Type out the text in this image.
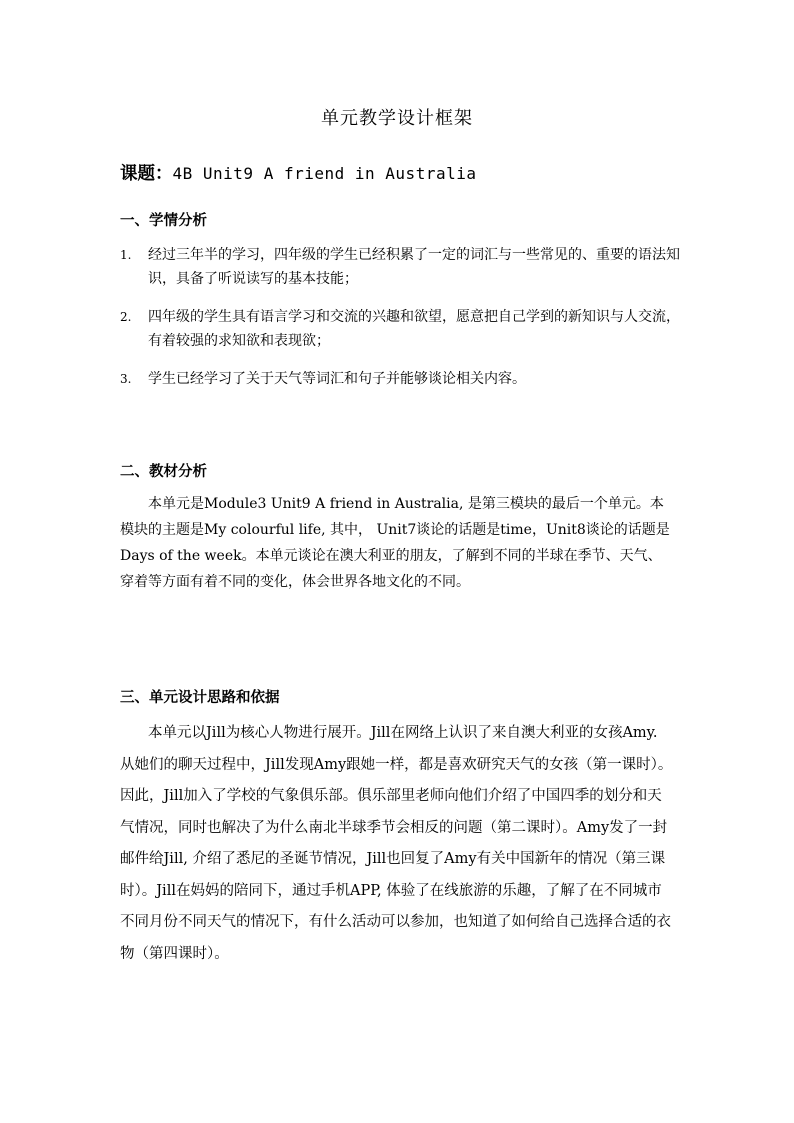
单元教学设计框架
课题：4B Unit9 A friend in Australia
一、学情分析
1.	经过三年半的学习，四年级的学生已经积累了一定的词汇与一些常见的、重要的语法知识，具备了听说读写的基本技能；
2.	四年级的学生具有语言学习和交流的兴趣和欲望，愿意把自己学到的新知识与人交流，有着较强的求知欲和表现欲；
3.	学生已经学习了关于天气等词汇和句子并能够谈论相关内容。
二、教材分析
本单元是Module3 Unit9 A friend in Australia, 是第三模块的最后一个单元。本模块的主题是My colourful life, 其中， Unit7谈论的话题是time，Unit8谈论的话题是Days of the week。本单元谈论在澳大利亚的朋友，了解到不同的半球在季节、天气、穿着等方面有着不同的变化，体会世界各地文化的不同。
三、单元设计思路和依据
本单元以Jill为核心人物进行展开。Jill在网络上认识了来自澳大利亚的女孩Amy. 从她们的聊天过程中，Jill发现Amy跟她一样，都是喜欢研究天气的女孩（第一课时）。因此，Jill加入了学校的气象俱乐部。俱乐部里老师向他们介绍了中国四季的划分和天气情况，同时也解决了为什么南北半球季节会相反的问题（第二课时）。Amy发了一封邮件给Jill, 介绍了悉尼的圣诞节情况，Jill也回复了Amy有关中国新年的情况（第三课时）。Jill在妈妈的陪同下，通过手机APP, 体验了在线旅游的乐趣，了解了在不同城市不同月份不同天气的情况下，有什么活动可以参加，也知道了如何给自己选择合适的衣物（第四课时）。
